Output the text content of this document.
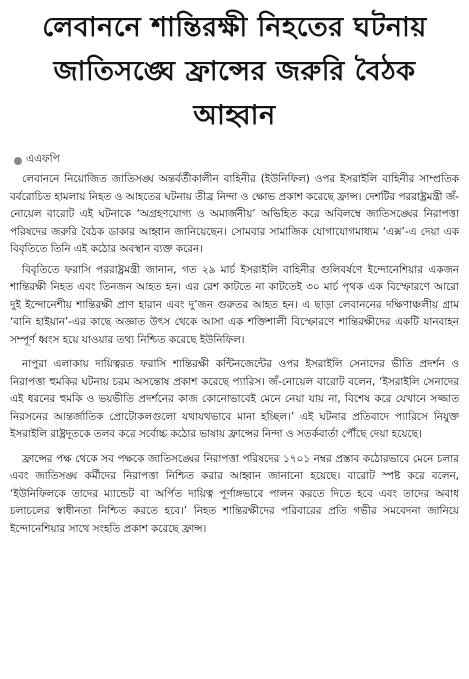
লেবাননে শান্তিরক্ষী নিহতের ঘটনায় জাতিসঙ্ঘে ফ্রান্সের জরুরি বৈঠক আহ্বান
এএফপি

লেবাননে নিয়োজিত জাতিসঙ্ঘ অন্তর্বর্তীকালীন বাহিনীর (ইউনিফিল) ওপর ইসরাইলি বাহিনীর সাম্প্রতিক বর্বরোচিত হামলায় নিহত ও আহতের ঘটনায় তীব্র নিন্দা ও ক্ষোভ প্রকাশ করেছে ফ্রান্স। দেশটির পররাষ্ট্রমন্ত্রী জঁ-নোয়েল বারোট এই ঘটনাকে ‘অগ্রহণযোগ্য ও অমার্জনীয়’ অভিহিত করে অবিলম্বে জাতিসঙ্ঘের নিরাপত্তা পরিষদের জরুরি বৈঠক ডাকার আহ্বান জানিয়েছেন। সোমবার সামাজিক যোগাযোগমাধ্যম ‘এক্স’-এ দেয়া এক বিবৃতিতে তিনি এই কঠোর অবস্থান ব্যক্ত করেন।

বিবৃতিতে ফরাসি পররাষ্ট্রমন্ত্রী জানান, গত ২৯ মার্চ ইসরাইলি বাহিনীর গুলিবর্ষণে ইন্দোনেশিয়ার একজন শান্তিরক্ষী নিহত এবং তিনজন আহত হন। এর রেশ কাটতে না কাটতেই ৩০ মার্চ পৃথক এক বিস্ফোরণে আরো দুই ইন্দোনেশীয় শান্তিরক্ষী প্রাণ হারান এবং দু’জন গুরুতর আহত হন। এ ছাড়া লেবাননের দক্ষিণাঞ্চলীয় গ্রাম ‘বানি হাইয়ান’-এর কাছে অজ্ঞাত উৎস থেকে আসা এক শক্তিশালী বিস্ফোরণে শান্তিরক্ষীদের একটি যানবাহন সম্পূর্ণ ধ্বংস হয়ে যাওয়ার তথ্য নিশ্চিত করেছে ইউনিফিল।

নাপুরা এলাকায় দায়িত্বরত ফরাসি শান্তিরক্ষী কন্টিনজেন্টের ওপর ইসরাইলি সেনাদের ভীতি প্রদর্শন ও নিরাপত্তা হুমকির ঘটনায় চরম অসন্তোষ প্রকাশ করেছে প্যারিস। জঁ-নোয়েল বারোট বলেন, ‘ইসরাইলি সেনাদের এই ধরনের হুমকি ও ভয়ভীতি প্রদর্শনের কাজ কোনোভাবেই মেনে নেয়া যায় না, বিশেষ করে যেখানে সজ্জাত নিরসনের আন্তর্জাতিক প্রোটোকলগুলো যথাযথভাবে মানা হচ্ছিল।’ এই ঘটনার প্রতিবাদে প্যারিসে নিযুক্ত ইসরাইলি রাষ্ট্রদূতকে তলব করে সর্বোচ্চ কঠোর ভাষায় ফ্রান্সের নিন্দা ও সতর্কবার্তা পৌঁছে দেয়া হয়েছে।

ফ্রান্সের পক্ষ থেকে সব পক্ষকে জাতিসঙ্ঘের নিরাপত্তা পরিষদের ১৭০১ নম্বর প্রস্তাব কঠোরভাবে মেনে চলার এবং জাতিসঙ্ঘ কর্মীদের নিরাপত্তা নিশ্চিত করার আহ্বান জানানো হয়েছে। বারোট স্পষ্ট করে বলেন, ‘ইউনিফিলকে তাদের ম্যান্ডেট বা অর্পিত দায়িত্ব পূর্ণাঙ্গভাবে পালন করতে দিতে হবে এবং তাদের অবাধ চলাচলের স্বাধীনতা নিশ্চিত করতে হবে।’ নিহত শান্তিরক্ষীদের পরিবারের প্রতি গভীর সমবেদনা জানিয়ে ইন্দোনেশিয়ার সাথে সংহতি প্রকাশ করেছে ফ্রান্স।
